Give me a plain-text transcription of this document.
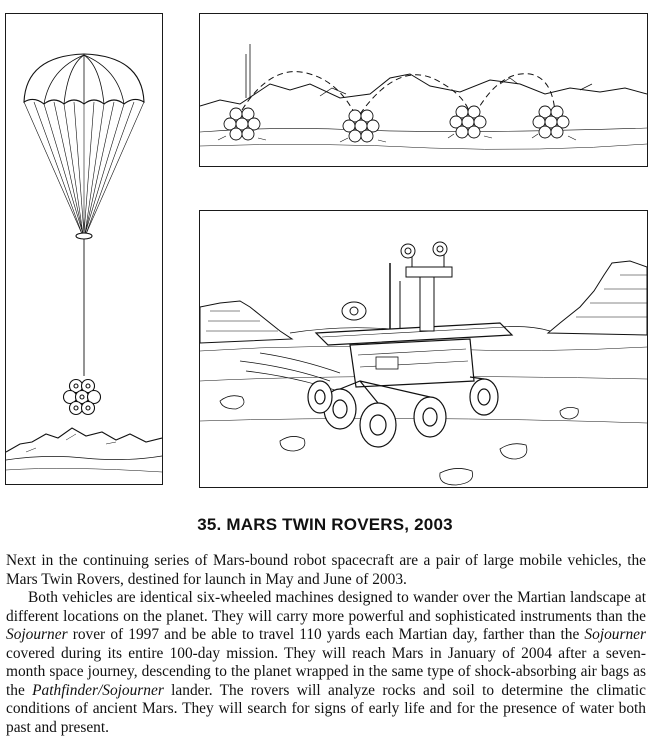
35. MARS TWIN ROVERS, 2003

Next in the continuing series of Mars-bound robot spacecraft are a pair of large mobile vehicles, the Mars Twin Rovers, destined for launch in May and June of 2003.

Both vehicles are identical six-wheeled machines designed to wander over the Martian landscape at different locations on the planet. They will carry more powerful and sophisticated instruments than the Sojourner rover of 1997 and be able to travel 110 yards each Martian day, farther than the Sojourner covered during its entire 100-day mission. They will reach Mars in January of 2004 after a seven-month space journey, descending to the planet wrapped in the same type of shock-absorbing air bags as the Pathfinder/Sojourner lander. The rovers will analyze rocks and soil to determine the climatic conditions of ancient Mars. They will search for signs of early life and for the presence of water both past and present.
